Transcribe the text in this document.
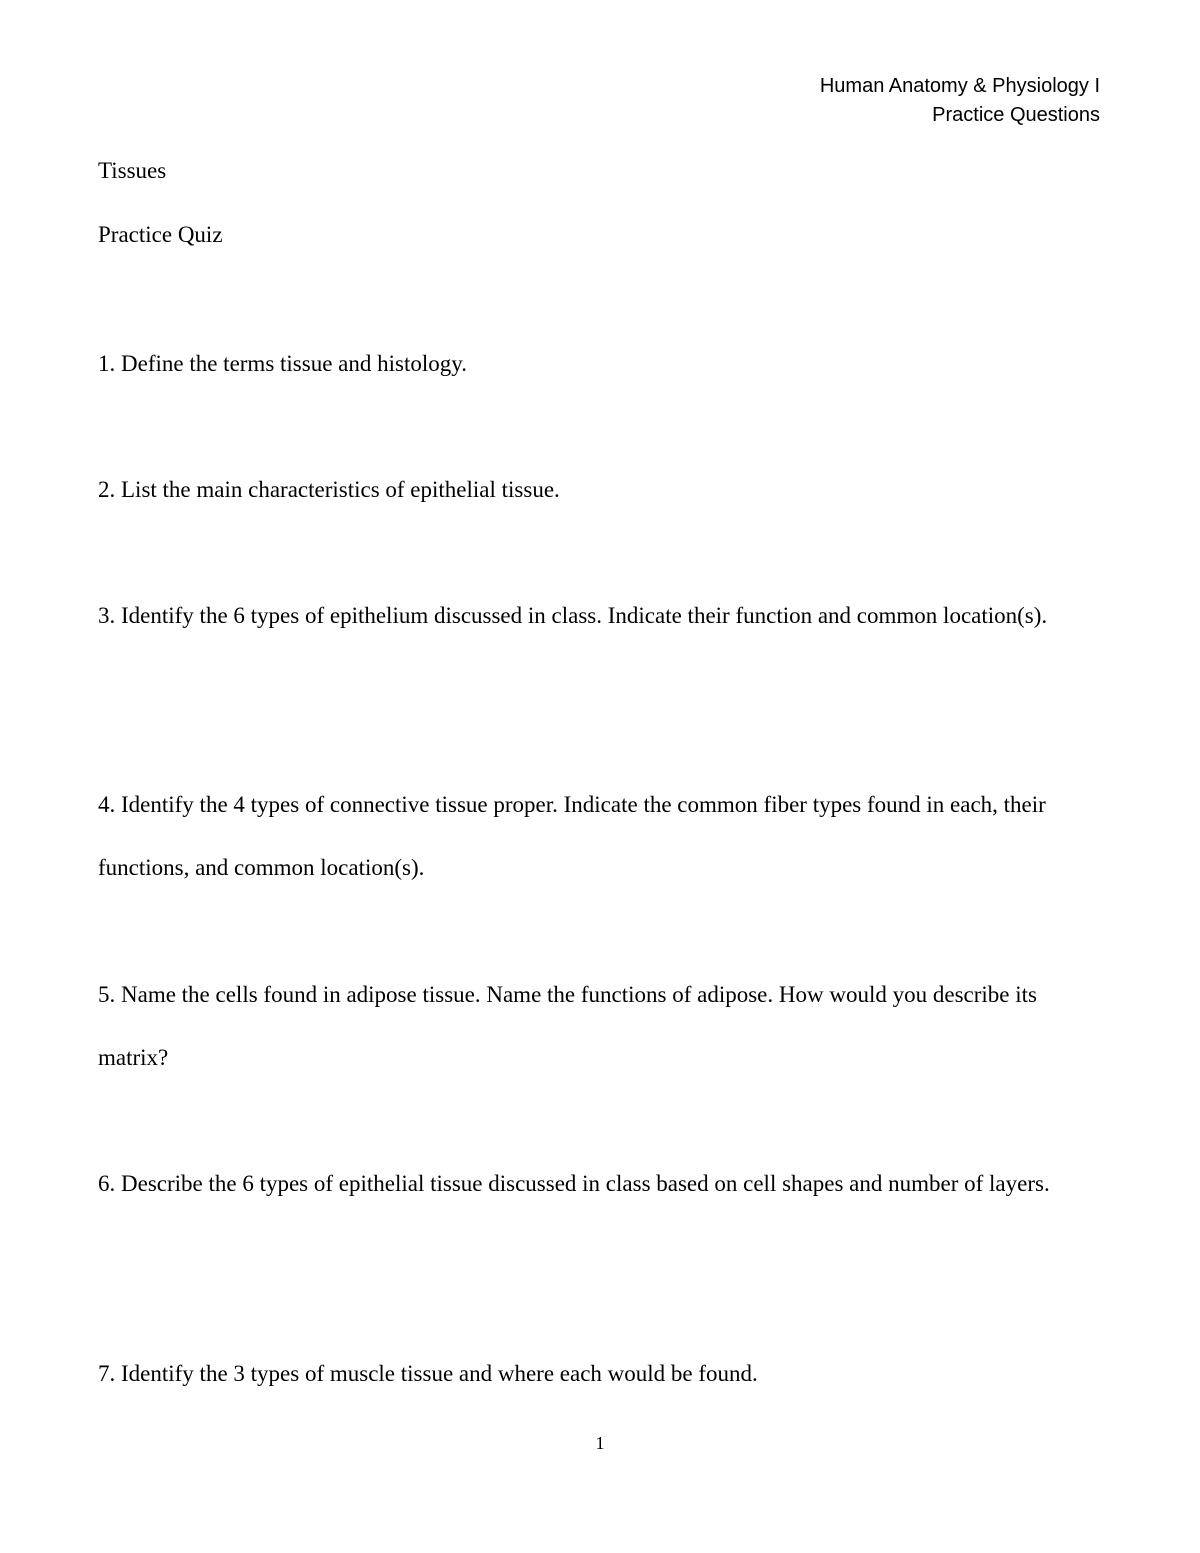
Human Anatomy & Physiology I
Practice Questions
Tissues
Practice Quiz
1. Define the terms tissue and histology.
2. List the main characteristics of epithelial tissue.
3. Identify the 6 types of epithelium discussed in class. Indicate their function and common location(s).
4. Identify the 4 types of connective tissue proper. Indicate the common fiber types found in each, their functions, and common location(s).
5. Name the cells found in adipose tissue. Name the functions of adipose. How would you describe its matrix?
6. Describe the 6 types of epithelial tissue discussed in class based on cell shapes and number of layers.
7. Identify the 3 types of muscle tissue and where each would be found.
1
